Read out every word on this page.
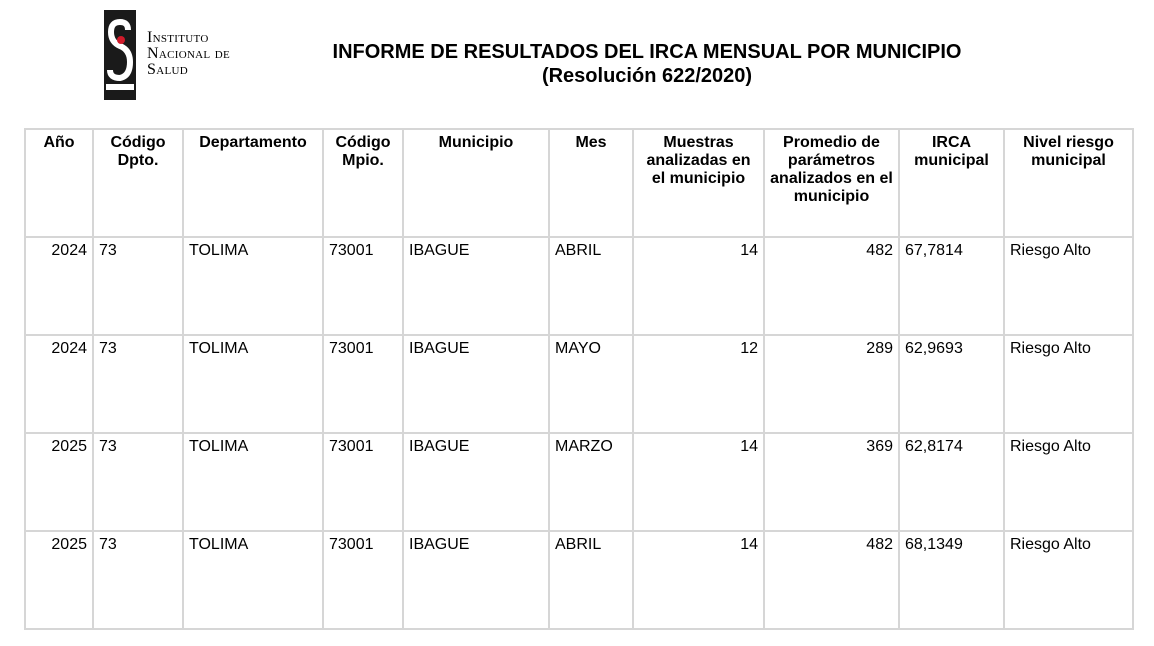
Instituto
Nacional de
Salud
INFORME DE RESULTADOS DEL IRCA MENSUAL POR MUNICIPIO
(Resolución 622/2020)
Año	Código Dpto.	Departamento	Código Mpio.	Municipio	Mes	Muestras analizadas en el municipio	Promedio de parámetros analizados en el municipio	IRCA municipal	Nivel riesgo municipal
2024	73	TOLIMA	73001	IBAGUE	ABRIL	14	482	67,7814	Riesgo Alto
2024	73	TOLIMA	73001	IBAGUE	MAYO	12	289	62,9693	Riesgo Alto
2025	73	TOLIMA	73001	IBAGUE	MARZO	14	369	62,8174	Riesgo Alto
2025	73	TOLIMA	73001	IBAGUE	ABRIL	14	482	68,1349	Riesgo Alto
